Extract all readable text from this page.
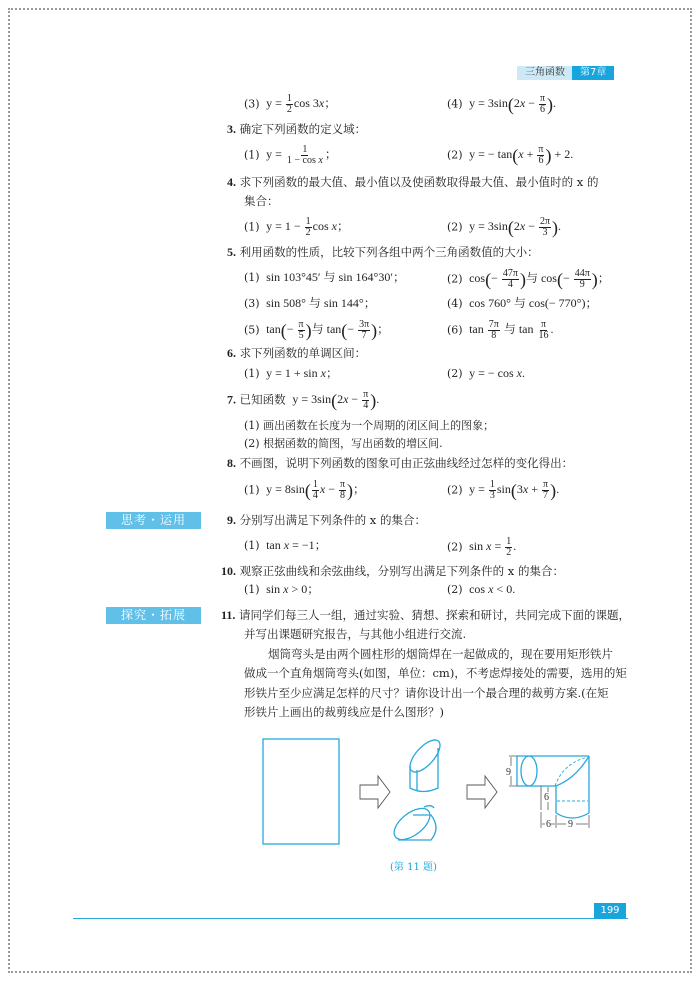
三角函数	第7章
(3)  $y = \frac{1}{2}$ cos 3x；	(4)  $y = 3\sin(2x - \frac{\pi}{6}$ ).
3. 确定下列函数的定义域：
(1)  $y = \frac{1}{\text{1 − cos x}}$ ；	(2)  y = − $\tan(x + \frac{\pi}{6}$ ) + 2.
4. 求下列函数的最大值、最小值以及使函数取得最大值、最小值时的 x 的
集合：
(1)  $y = 1 - \frac{1}{2}$ cos x；	(2)  $y = 3\sin(2x - \frac{2\pi}{3}$ ).
5. 利用函数的性质，比较下列各组中两个三角函数值的大小：
(1)  sin 103°45′ 与 sin 164°30′；	(2)  $\cos(- \frac{47\pi}{4}$ )与 $\cos(- \frac{44\pi}{9}$ )；
(3)  sin 508° 与 sin 144°；	(4)  cos 760° 与 cos(− 770°)；
(5)  $\tan(- \frac{\pi}{5}$ )与 $\tan(- \frac{3\pi}{7}$ )；	(6)  $\tan \frac{7\pi}{8}$ 与 $\tan \frac{\pi}{16}$ .
6. 求下列函数的单调区间：
(1)  y = 1 + sin x；	(2)  y = − cos x.
7. 已知函数  $y = 3\sin(2x - \frac{\pi}{4}$ ).
(1) 画出函数在长度为一个周期的闭区间上的图象；
(2) 根据函数的简图，写出函数的增区间.
8. 不画图，说明下列函数的图象可由正弦曲线经过怎样的变化得出：
(1)  $y = 8\sin( \frac{1}{4}$ $x - \frac{\pi}{8}$ )；	(2)  $y = \frac{1}{3} \sin(3x + \frac{\pi}{7}$ ).
思考・运用	9. 分别写出满足下列条件的 x 的集合：
(1)  tan x = −1；	(2)  $\sin x = \frac{1}{2}$ .
10. 观察正弦曲线和余弦曲线，分别写出满足下列条件的 x 的集合：
(1)  sin x > 0；	(2)  cos x < 0.
探究・拓展	11. 请同学们每三人一组，通过实验、猜想、探索和研讨，共同完成下面的课题，
并写出课题研究报告，与其他小组进行交流.
烟筒弯头是由两个圆柱形的烟筒焊在一起做成的，现在要用矩形铁片
做成一个直角烟筒弯头(如图，单位：cm)，不考虑焊接处的需要，选用的矩
形铁片至少应满足怎样的尺寸？请你设计出一个最合理的裁剪方案.(在矩
形铁片上画出的裁剪线应是什么图形？)
9
6
6 9
(第 11 题)
199
